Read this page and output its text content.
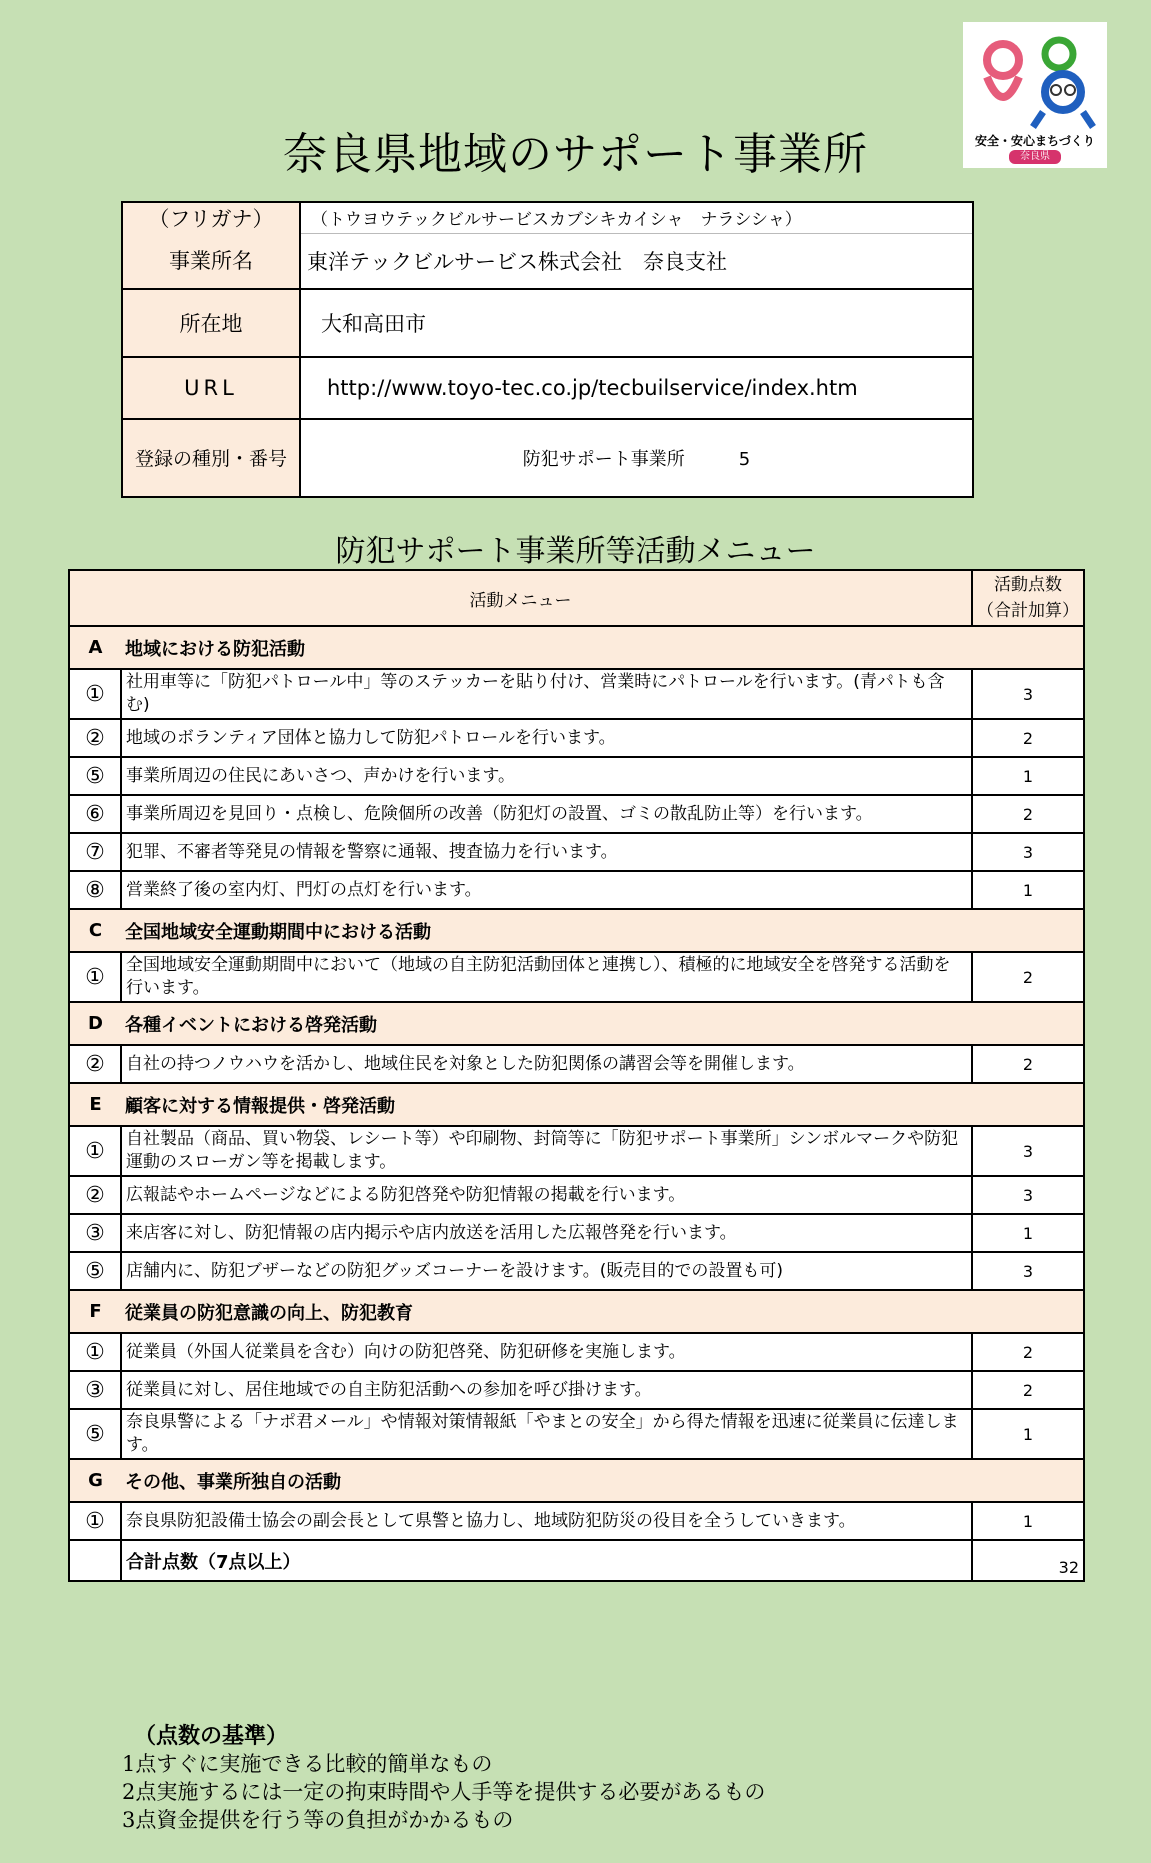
安全・安心まちづくり
奈良県
奈良県地域のサポート事業所
（フリガナ）	（トウヨウテックビルサービスカブシキカイシャ　ナラシシャ）
事業所名	東洋テックビルサービス株式会社　奈良支社
所在地	大和高田市
URL	http://www.toyo-tec.co.jp/tecbuilservice/index.htm
登録の種別・番号	防犯サポート事業所　　　5
防犯サポート事業所等活動メニュー
活動メニュー		活動点数
（合計加算）
A	地域における防犯活動	
①	社用車等に「防犯パトロール中」等のステッカーを貼り付け、営業時にパトロールを行います。(青パトも含む)	3
②	地域のボランティア団体と協力して防犯パトロールを行います。	2
⑤	事業所周辺の住民にあいさつ、声かけを行います。	1
⑥	事業所周辺を見回り・点検し、危険個所の改善（防犯灯の設置、ゴミの散乱防止等）を行います。	2
⑦	犯罪、不審者等発見の情報を警察に通報、捜査協力を行います。	3
⑧	営業終了後の室内灯、門灯の点灯を行います。	1
C	全国地域安全運動期間中における活動	
①	全国地域安全運動期間中において（地域の自主防犯活動団体と連携し）、積極的に地域安全を啓発する活動を行います。	2
D	各種イベントにおける啓発活動	
②	自社の持つノウハウを活かし、地域住民を対象とした防犯関係の講習会等を開催します。	2
E	顧客に対する情報提供・啓発活動	
①	自社製品（商品、買い物袋、レシート等）や印刷物、封筒等に「防犯サポート事業所」シンボルマークや防犯運動のスローガン等を掲載します。	3
②	広報誌やホームページなどによる防犯啓発や防犯情報の掲載を行います。	3
③	来店客に対し、防犯情報の店内掲示や店内放送を活用した広報啓発を行います。	1
⑤	店舗内に、防犯ブザーなどの防犯グッズコーナーを設けます。(販売目的での設置も可)	3
F	従業員の防犯意識の向上、防犯教育	
①	従業員（外国人従業員を含む）向けの防犯啓発、防犯研修を実施します。	2
③	従業員に対し、居住地域での自主防犯活動への参加を呼び掛けます。	2
⑤	奈良県警による「ナポ君メール」や情報対策情報紙「やまとの安全」から得た情報を迅速に従業員に伝達します。	1
G	その他、事業所独自の活動	
①	奈良県防犯設備士協会の副会長として県警と協力し、地域防犯防災の役目を全うしていきます。	1
	合計点数（7点以上）	32
（点数の基準）
1点すぐに実施できる比較的簡単なもの
2点実施するには一定の拘束時間や人手等を提供する必要があるもの
3点資金提供を行う等の負担がかかるもの
